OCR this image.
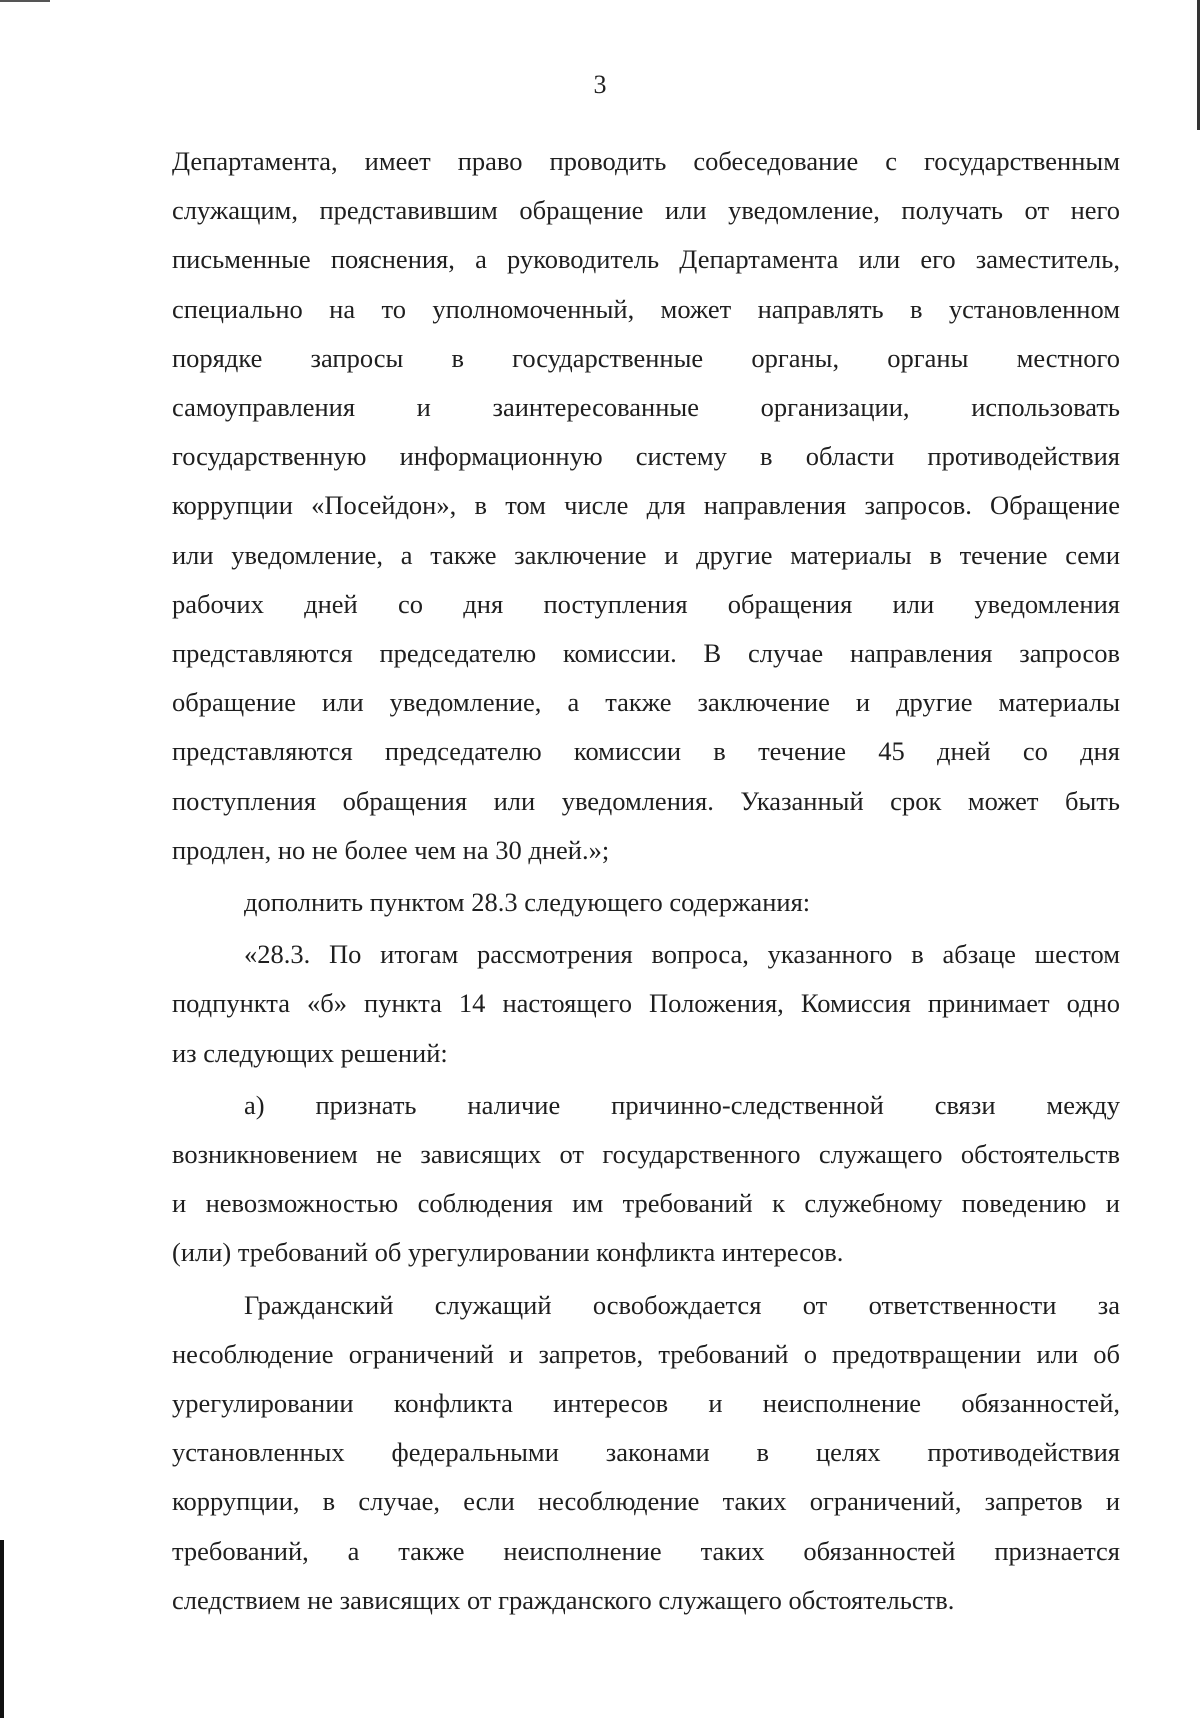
3

Департамента, имеет право проводить собеседование с государственным

служащим, представившим обращение или уведомление, получать от него

письменные пояснения, а руководитель Департамента или его заместитель,

специально на то уполномоченный, может направлять в установленном

порядке запросы в государственные органы, органы местного

самоуправления и заинтересованные организации, использовать

государственную информационную систему в области противодействия

коррупции «Посейдон», в том числе для направления запросов. Обращение

или уведомление, а также заключение и другие материалы в течение семи

рабочих дней со дня поступления обращения или уведомления

представляются председателю комиссии. В случае направления запросов

обращение или уведомление, а также заключение и другие материалы

представляются председателю комиссии в течение 45 дней со дня

поступления обращения или уведомления. Указанный срок может быть

продлен, но не более чем на 30 дней.»;

дополнить пунктом 28.3 следующего содержания:

«28.3. По итогам рассмотрения вопроса, указанного в абзаце шестом

подпункта «б» пункта 14 настоящего Положения, Комиссия принимает одно

из следующих решений:

а) признать наличие причинно-следственной связи между

возникновением не зависящих от государственного служащего обстоятельств

и невозможностью соблюдения им требований к служебному поведению и

(или) требований об урегулировании конфликта интересов.

Гражданский служащий освобождается от ответственности за

несоблюдение ограничений и запретов, требований о предотвращении или об

урегулировании конфликта интересов и неисполнение обязанностей,

установленных федеральными законами в целях противодействия

коррупции, в случае, если несоблюдение таких ограничений, запретов и

требований, а также неисполнение таких обязанностей признается

следствием не зависящих от гражданского служащего обстоятельств.
